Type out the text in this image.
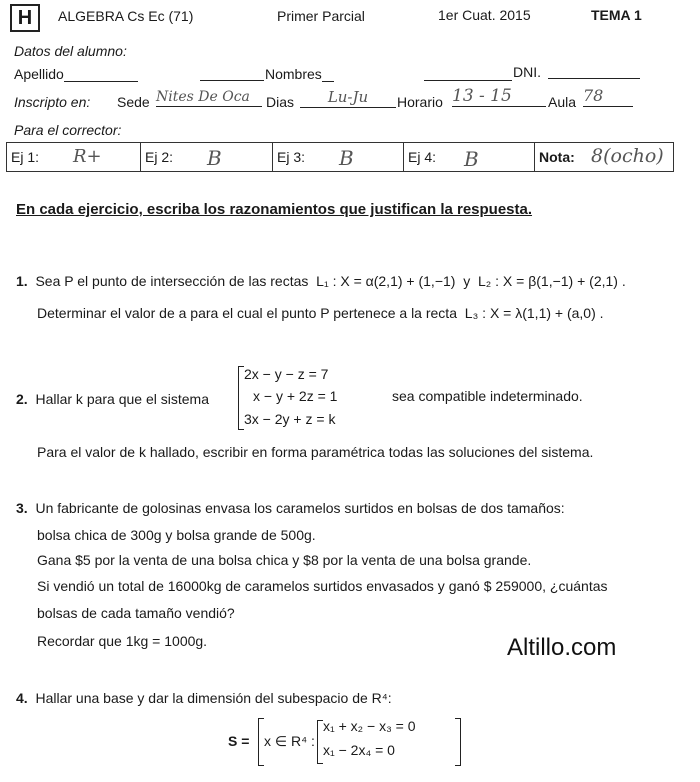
H	ALGEBRA Cs Ec (71)	Primer Parcial	1er Cuat. 2015	TEMA 1
Datos del alumno:
Apellido	Nombres	DNI.
Inscripto en: Sede Nites De Oca	Dias	Lu-Ju	Horario 13 - 15	Aula 78
Para el corrector:
Ej 1: R+	Ej 2: B	Ej 3: B	Ej 4: B	Nota: 8(ocho)
En cada ejercicio, escriba los razonamientos que justifican la respuesta.
1. Sea P el punto de intersección de las rectas L₁ : X = α(2,1) + (1,−1) y L₂ : X = β(1,−1) + (2,1) .
Determinar el valor de a para el cual el punto P pertenece a la recta L₃ : X = λ(1,1) + (a,0) .
2. Hallar k para que el sistema
2x − y − z = 7
x − y + 2z = 1
3x − 2y + z = k
sea compatible indeterminado.
Para el valor de k hallado, escribir en forma paramétrica todas las soluciones del sistema.
3. Un fabricante de golosinas envasa los caramelos surtidos en bolsas de dos tamaños:
bolsa chica de 300g y bolsa grande de 500g.
Gana $5 por la venta de una bolsa chica y $8 por la venta de una bolsa grande.
Si vendió un total de 16000kg de caramelos surtidos envasados y ganó $ 259000, ¿cuántas
bolsas de cada tamaño vendió?
Recordar que 1kg = 1000g.	Altillo.com
4. Hallar una base y dar la dimensión del subespacio de R⁴:
S = x ∈ R⁴ :
x₁ + x₂ − x₃ = 0
x₁ − 2x₄ = 0
